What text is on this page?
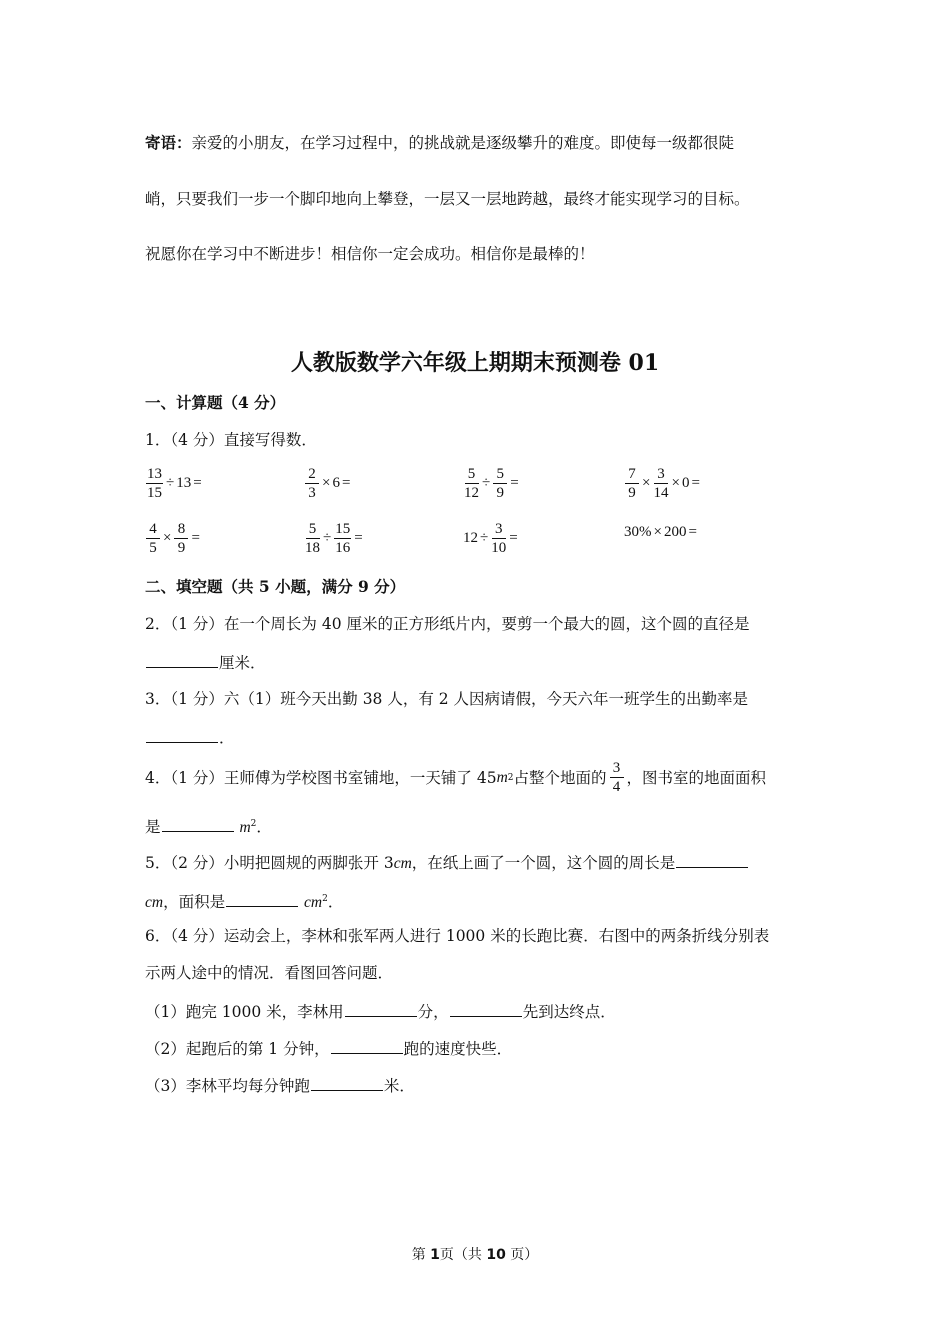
寄语：亲爱的小朋友，在学习过程中，的挑战就是逐级攀升的难度。即使每一级都很陡
峭，只要我们一步一个脚印地向上攀登，一层又一层地跨越，最终才能实现学习的目标。
祝愿你在学习中不断进步！相信你一定会成功。相信你是最棒的！
人教版数学六年级上期期末预测卷 01
一、计算题（4 分）
1．（4 分）直接写得数．
$\frac{13}{15} \div 13$ =	$\frac{2}{3} \times 6$ =	$\frac{5}{12} \div \frac{5}{9}$ =	$\frac{7}{9} \times \frac{3}{14} \times 0$ =
$\frac{4}{5} \times \frac{8}{9}$ =	$\frac{5}{18} \div \frac{15}{16}$ =	$12 \div \frac{3}{10}$ =	30% × 200 =
二、填空题（共 5 小题，满分 9 分）
2．（1 分）在一个周长为 40 厘米的正方形纸片内，要剪一个最大的圆，这个圆的直径是
厘米．
3．（1 分）六（1）班今天出勤 38 人，有 2 人因病请假，今天六年一班学生的出勤率是
．
4．（1 分）王师傅为学校图书室铺地，一天铺了 45 m 2 占整个地面的 $\frac{3}{4}$ ，图书室的地面面积
是	$m^2$．
5．（2 分）小明把圆规的两脚张开 3cm，在纸上画了一个圆，这个圆的周长是
cm，面积是	$cm^2$．
6．（4 分）运动会上，李林和张军两人进行 1000 米的长跑比赛．右图中的两条折线分别表
示两人途中的情况．看图回答问题．
（1）跑完 1000 米，李林用	分，	先到达终点．
（2）起跑后的第 1 分钟，	跑的速度快些．
（3）李林平均每分钟跑	米．
第 1页（共 10 页）
